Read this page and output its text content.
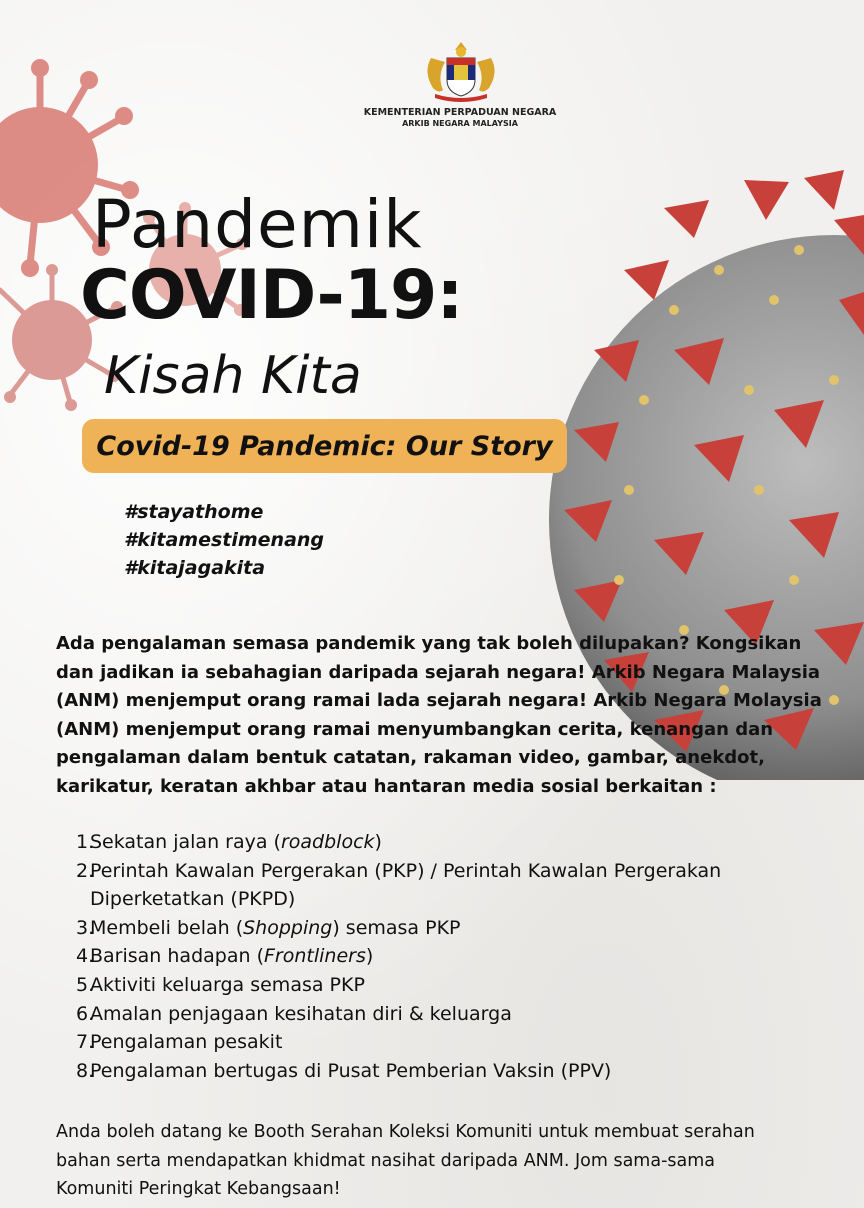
KEMENTERIAN PERPADUAN NEGARA
ARKIB NEGARA MALAYSIA
Pandemik
COVID-19:
Kisah Kita
Covid-19 Pandemic: Our Story
#stayathome
#kitamestimenang
#kitajagakita
Ada pengalaman semasa pandemik yang tak boleh dilupakan? Kongsikan
dan jadikan ia sebahagian daripada sejarah negara! Arkib Negara Malaysia
(ANM) menjemput orang ramai lada sejarah negara! Arkib Negara Molaysia
(ANM) menjemput orang ramai menyumbangkan cerita, kenangan dan
pengalaman dalam bentuk catatan, rakaman video, gambar, anekdot,
karikatur, keratan akhbar atau hantaran media sosial berkaitan :
1.
Sekatan jalan raya (roadblock)
2.
Perintah Kawalan Pergerakan (PKP) / Perintah Kawalan Pergerakan Diperketatkan (PKPD)
3.
Membeli belah (Shopping) semasa PKP
4.
Barisan hadapan (Frontliners)
5.
Aktiviti keluarga semasa PKP
6.
Amalan penjagaan kesihatan diri & keluarga
7.
Pengalaman pesakit
8.
Pengalaman bertugas di Pusat Pemberian Vaksin (PPV)
Anda boleh datang ke Booth Serahan Koleksi Komuniti untuk membuat serahan
bahan serta mendapatkan khidmat nasihat daripada ANM. Jom sama-sama
Komuniti Peringkat Kebangsaan!
